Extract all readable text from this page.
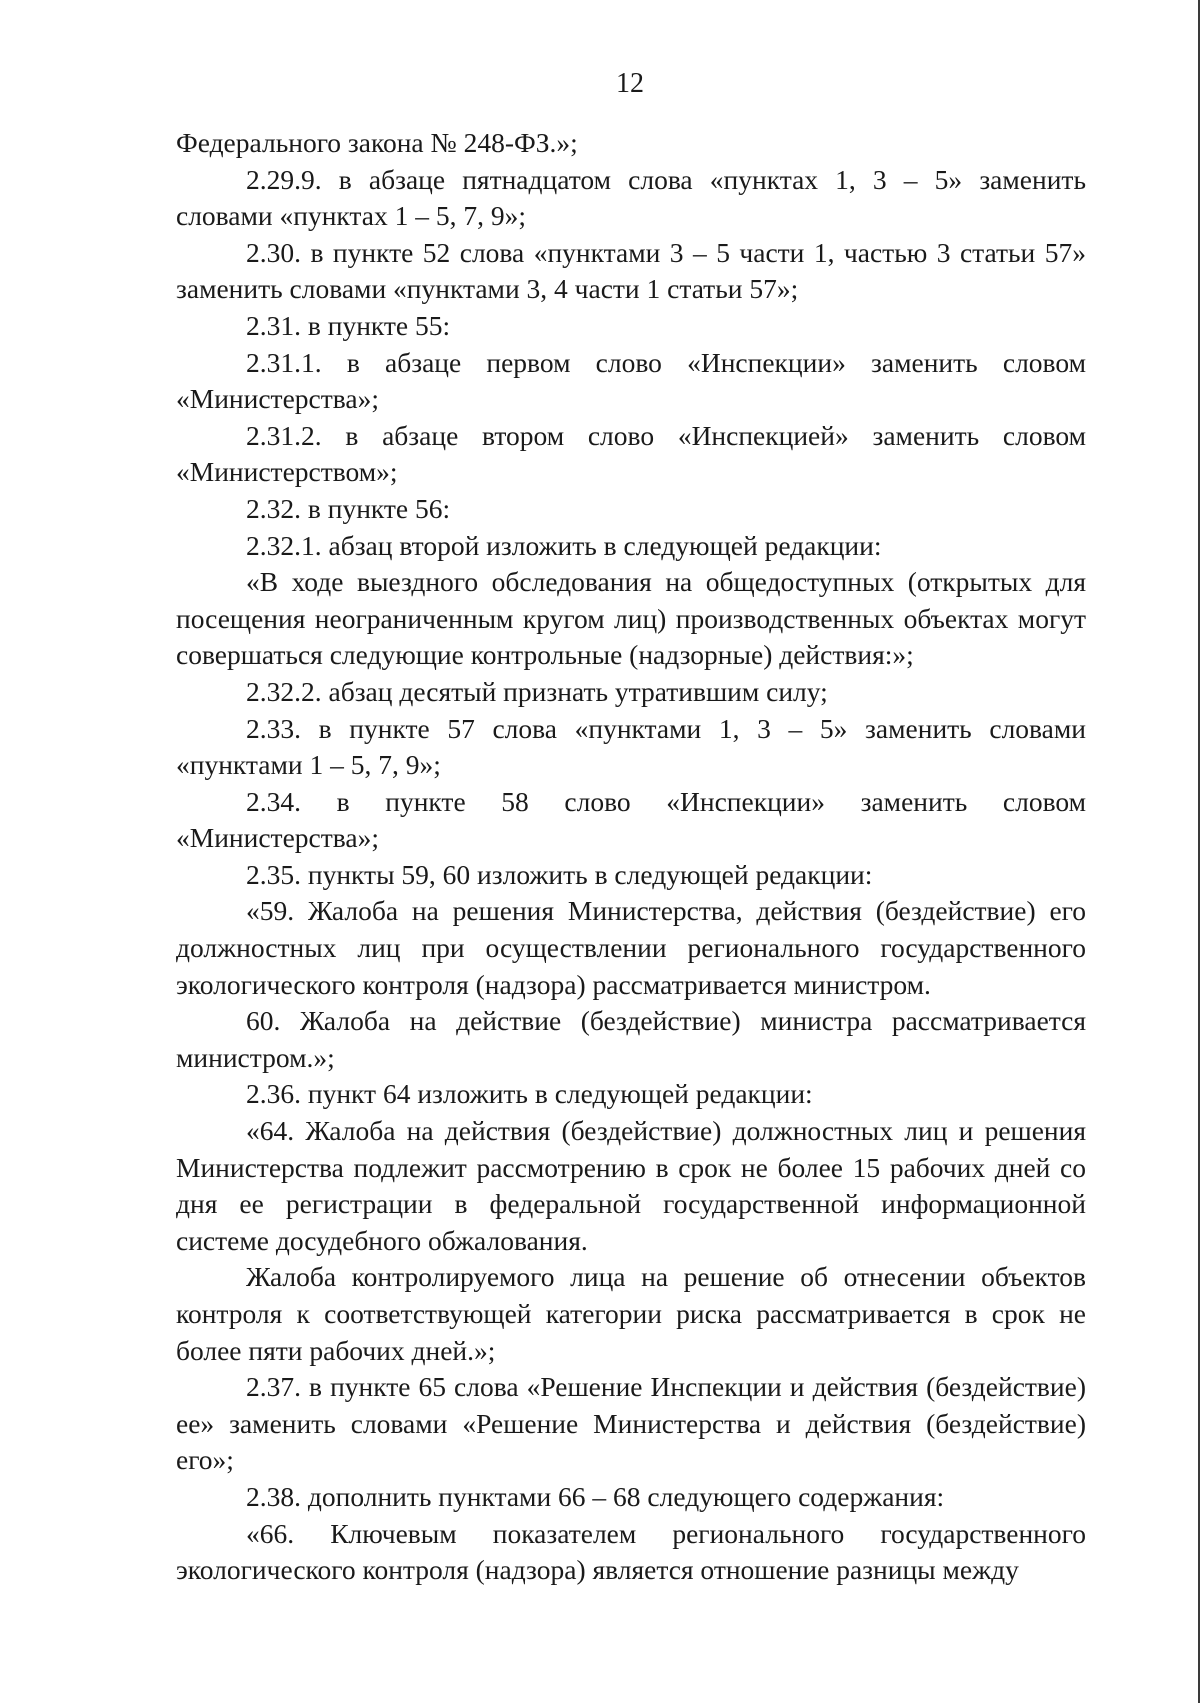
12

Федерального закона № 248-ФЗ.»;

2.29.9. в абзаце пятнадцатом слова «пунктах 1, 3 – 5» заменить словами «пунктах 1 – 5, 7, 9»;

2.30. в пункте 52 слова «пунктами 3 – 5 части 1, частью 3 статьи 57» заменить словами «пунктами 3, 4 части 1 статьи 57»;

2.31. в пункте 55:

2.31.1. в абзаце первом слово «Инспекции» заменить словом «Министерства»;

2.31.2. в абзаце втором слово «Инспекцией» заменить словом «Министерством»;

2.32. в пункте 56:

2.32.1. абзац второй изложить в следующей редакции:

«В ходе выездного обследования на общедоступных (открытых для посещения неограниченным кругом лиц) производственных объектах могут совершаться следующие контрольные (надзорные) действия:»;

2.32.2. абзац десятый признать утратившим силу;

2.33. в пункте 57 слова «пунктами 1, 3 – 5» заменить словами «пунктами 1 – 5, 7, 9»;

2.34. в пункте 58 слово «Инспекции» заменить словом «Министерства»;

2.35. пункты 59, 60 изложить в следующей редакции:

«59. Жалоба на решения Министерства, действия (бездействие) его должностных лиц при осуществлении регионального государственного экологического контроля (надзора) рассматривается министром.

60. Жалоба на действие (бездействие) министра рассматривается министром.»;

2.36. пункт 64 изложить в следующей редакции:

«64. Жалоба на действия (бездействие) должностных лиц и решения Министерства подлежит рассмотрению в срок не более 15 рабочих дней со дня ее регистрации в федеральной государственной информационной системе досудебного обжалования.

Жалоба контролируемого лица на решение об отнесении объектов контроля к соответствующей категории риска рассматривается в срок не более пяти рабочих дней.»;

2.37. в пункте 65 слова «Решение Инспекции и действия (бездействие) ее» заменить словами «Решение Министерства и действия (бездействие) его»;

2.38. дополнить пунктами 66 – 68 следующего содержания:

«66. Ключевым показателем регионального государственного экологического контроля (надзора) является отношение разницы между
